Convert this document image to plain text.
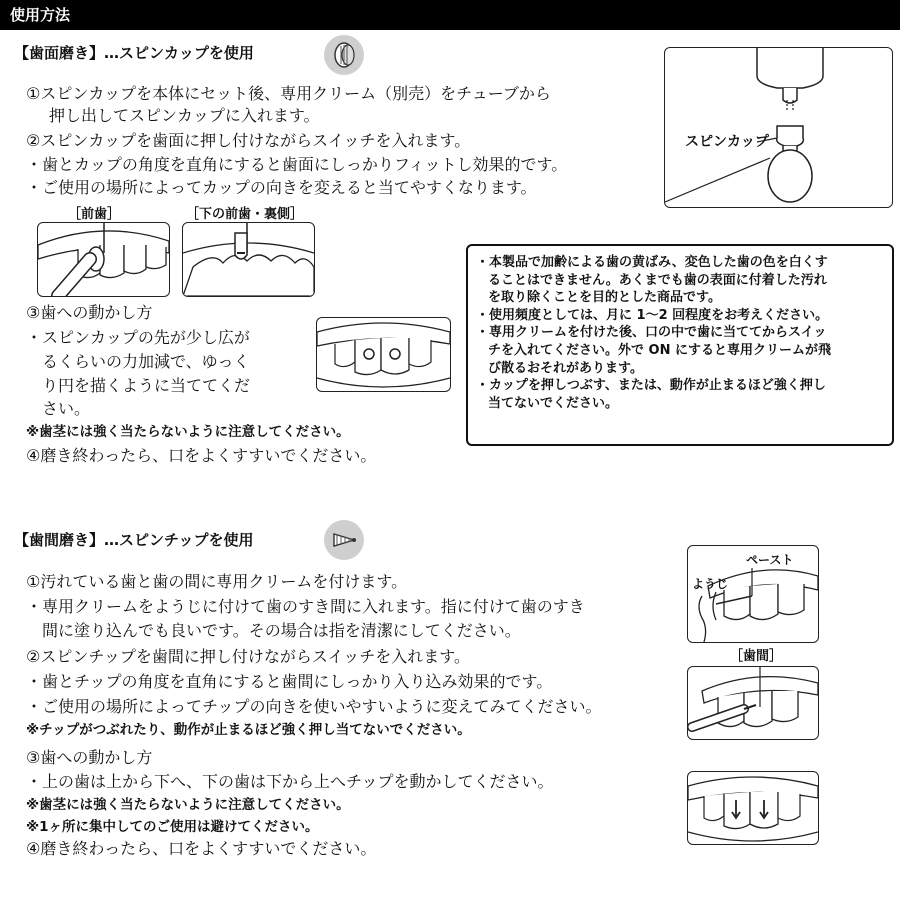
使用方法
【歯面磨き】…スピンカップを使用
①スピンカップを本体にセット後、専用クリーム（別売）をチューブから
押し出してスピンカップに入れます。
②スピンカップを歯面に押し付けながらスイッチを入れます。
・歯とカップの角度を直角にすると歯面にしっかりフィットし効果的です。
・ご使用の場所によってカップの向きを変えると当てやすくなります。
スピンカップ
［前歯］	［下の前歯・裏側］
③歯への動かし方
・スピンカップの先が少し広が
るくらいの力加減で、ゆっく
り円を描くように当ててくだ
さい。
※歯茎には強く当たらないように注意してください。
④磨き終わったら、口をよくすすいでください。
・本製品で加齢による歯の黄ばみ、変色した歯の色を白くす
ることはできません。あくまでも歯の表面に付着した汚れ
を取り除くことを目的とした商品です。
・使用頻度としては、月に 1〜2 回程度をお考えください。
・専用クリームを付けた後、口の中で歯に当ててからスイッ
チを入れてください。外で ON にすると専用クリームが飛
び散るおそれがあります。
・カップを押しつぶす、または、動作が止まるほど強く押し
当てないでください。
【歯間磨き】…スピンチップを使用
①汚れている歯と歯の間に専用クリームを付けます。
・専用クリームをようじに付けて歯のすき間に入れます。指に付けて歯のすき
間に塗り込んでも良いです。その場合は指を清潔にしてください。
②スピンチップを歯間に押し付けながらスイッチを入れます。
・歯とチップの角度を直角にすると歯間にしっかり入り込み効果的です。
・ご使用の場所によってチップの向きを使いやすいように変えてみてください。
※チップがつぶれたり、動作が止まるほど強く押し当てないでください。
ペースト
ようじ
［歯間］
③歯への動かし方
・上の歯は上から下へ、下の歯は下から上へチップを動かしてください。
※歯茎には強く当たらないように注意してください。
※1ヶ所に集中してのご使用は避けてください。
④磨き終わったら、口をよくすすいでください。
